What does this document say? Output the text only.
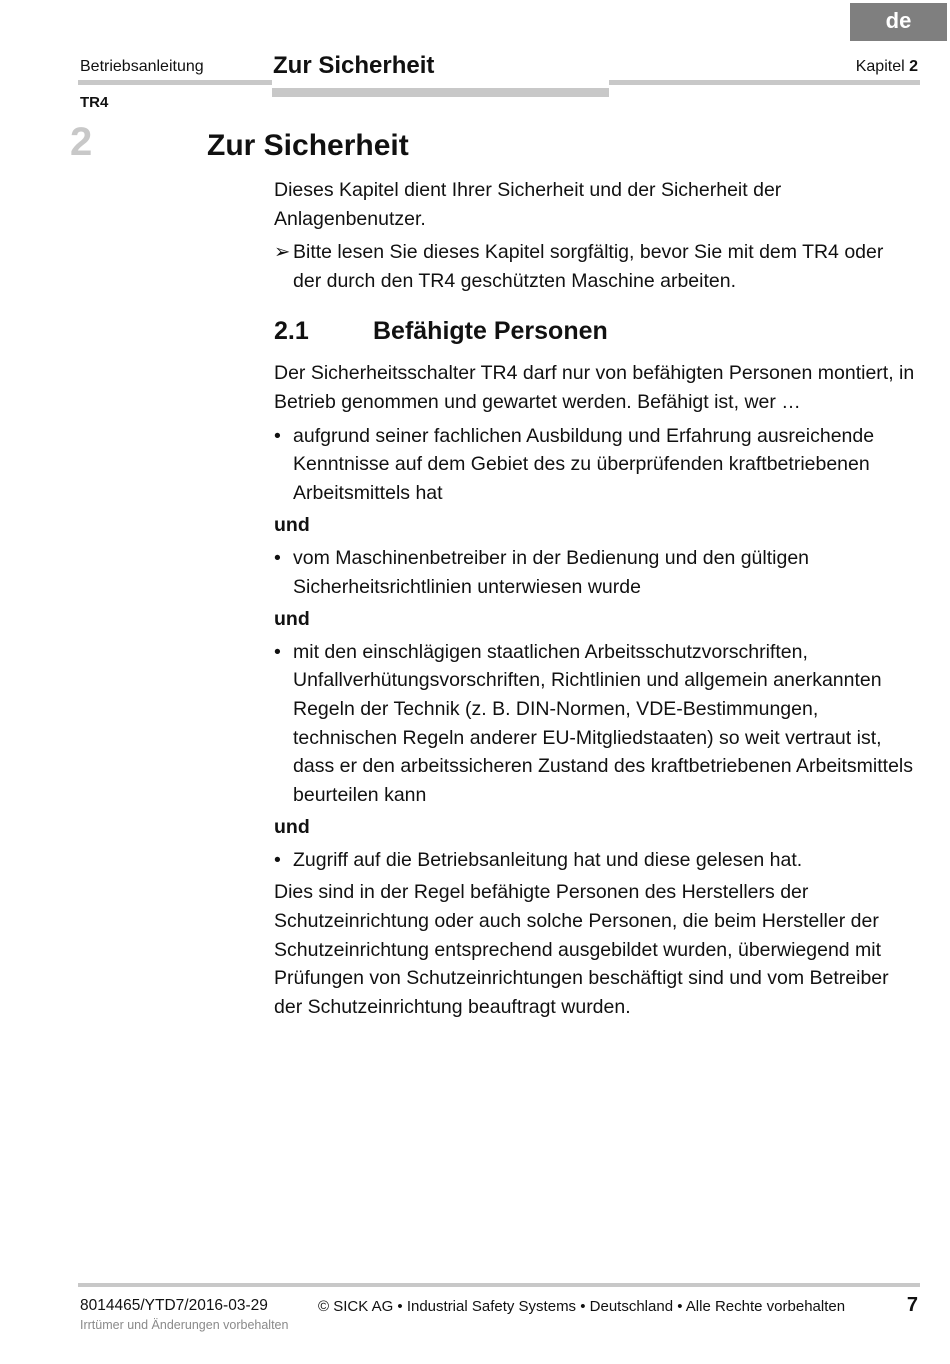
de
Betriebsanleitung	Zur Sicherheit	Kapitel 2
TR4
2	Zur Sicherheit

Dieses Kapitel dient Ihrer Sicherheit und der Sicherheit der Anlagenbenutzer.

➢ Bitte lesen Sie dieses Kapitel sorgfältig, bevor Sie mit dem TR4 oder der durch den TR4 geschützten Maschine arbeiten.
2.1	Befähigte Personen

Der Sicherheitsschalter TR4 darf nur von befähigten Personen montiert, in Betrieb genommen und gewartet werden. Befähigt ist, wer …

• aufgrund seiner fachlichen Ausbildung und Erfahrung ausreichende Kenntnisse auf dem Gebiet des zu überprüfenden kraftbetriebenen Arbeitsmittels hat

und

• vom Maschinenbetreiber in der Bedienung und den gültigen Sicherheitsrichtlinien unterwiesen wurde

und

• mit den einschlägigen staatlichen Arbeitsschutzvorschriften, Unfallverhütungsvorschriften, Richtlinien und allgemein anerkannten Regeln der Technik (z. B. DIN-Normen, VDE-Bestimmungen, technischen Regeln anderer EU-Mitgliedstaaten) so weit vertraut ist, dass er den arbeitssicheren Zustand des kraftbetriebenen Arbeitsmittels beurteilen kann

und

• Zugriff auf die Betriebsanleitung hat und diese gelesen hat.

Dies sind in der Regel befähigte Personen des Herstellers der Schutzeinrichtung oder auch solche Personen, die beim Hersteller der Schutzeinrichtung entsprechend ausgebildet wurden, überwiegend mit Prüfungen von Schutzeinrichtungen beschäftigt sind und vom Betreiber der Schutzeinrichtung beauftragt wurden.

8014465/YTD7/2016-03-29	© SICK AG • Industrial Safety Systems • Deutschland • Alle Rechte vorbehalten	7
Irrtümer und Änderungen vorbehalten
